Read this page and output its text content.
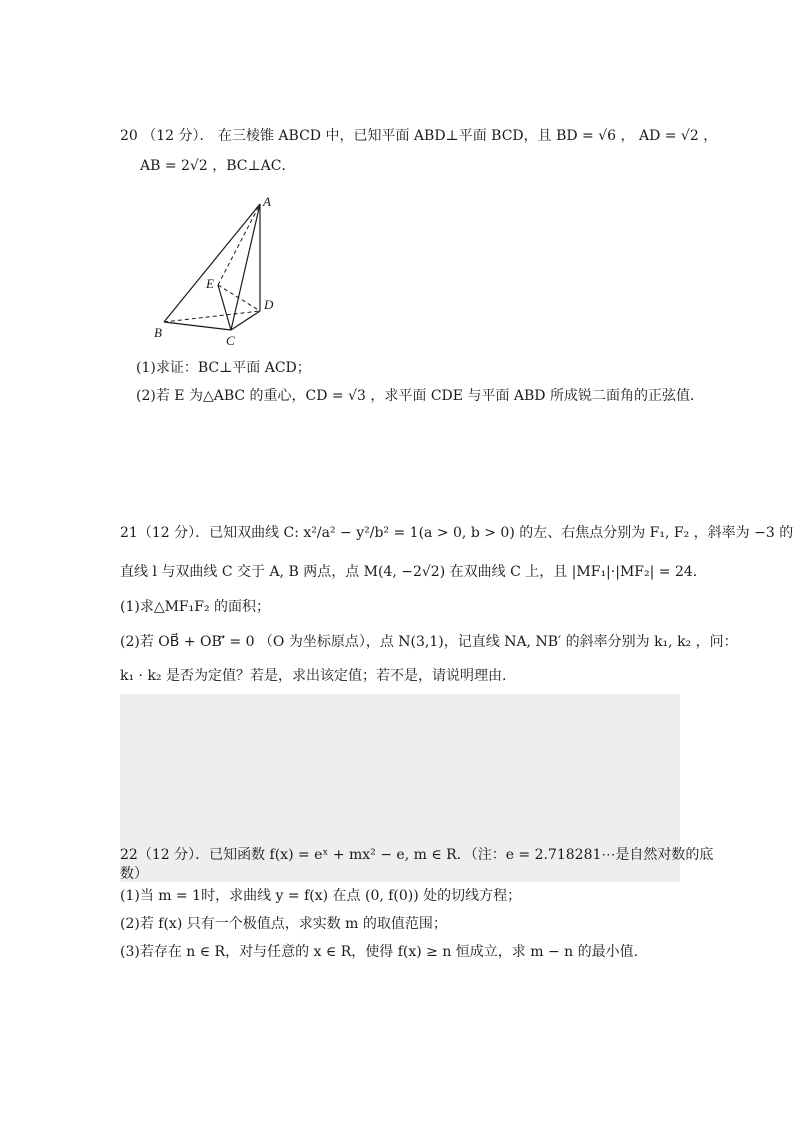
20 （12 分）． 在三棱锥 ABCD 中，已知平面 ABD⊥平面 BCD，且 BD = √6 ， AD = √2 ，
AB = 2√2 ，BC⊥AC．
A
B
C
D
E
(1)求证：BC⊥平面 ACD；
(2)若 E 为△ABC 的重心，CD = √3 ，求平面 CDE 与平面 ABD 所成锐二面角的正弦值．
21（12 分）．已知双曲线 C: x²/a² − y²/b² = 1(a > 0, b > 0) 的左、右焦点分别为 F₁, F₂ ，斜率为 −3 的
直线 l 与双曲线 C 交于 A, B 两点，点 M(4, −2√2) 在双曲线 C 上，且 |MF₁|·|MF₂| = 24．
(1)求△MF₁F₂ 的面积；
(2)若 OB⃗ + OB′⃗ = 0 （O 为坐标原点），点 N(3,1)，记直线 NA, NB′ 的斜率分别为 k₁, k₂ ，问：
k₁ · k₂ 是否为定值？若是，求出该定值；若不是，请说明理由.
22（12 分）．已知函数 f(x) = eˣ + mx² − e, m ∈ R．（注：e = 2.718281⋯是自然对数的底
数）
(1)当 m = 1时，求曲线 y = f(x) 在点 (0, f(0)) 处的切线方程；
(2)若 f(x) 只有一个极值点，求实数 m 的取值范围；
(3)若存在 n ∈ R，对与任意的 x ∈ R，使得 f(x) ≥ n 恒成立，求 m − n 的最小值.
